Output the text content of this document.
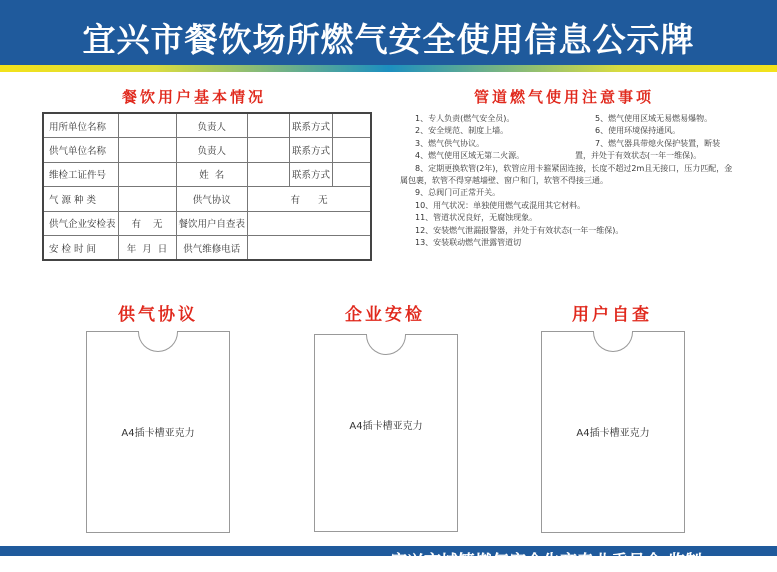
宜兴市餐饮场所燃气安全使用信息公示牌
餐饮用户基本情况
用所单位名称		负责人		联系方式	
供气单位名称		负责人		联系方式	
维检工证件号		姓  名		联系方式	
气 源 种 类		供气协议	有      无		
供气企业安检表	有    无	餐饮用户自查表			
安 检 时 间	年  月  日	供气维修电话			
管道燃气使用注意事项
1、专人负责(燃气安全员)。	5、燃气使用区域无易燃易爆物。
2、安全规范、制度上墙。	6、使用环境保持通风。
3、燃气供气协议。	7、燃气器具带熄火保护装置，断装
4、燃气使用区域无第二火源。	置，并处于有效状态(一年一维保)。
8、定期更换软管(2年)，软管应用卡箍紧固连接，长度不超过2m且无接口，压力匹配，金
属包裹，软管不得穿越墙壁、窗户和门，软管不得接三通。
9、总阀门可正常开关。
10、用气状况：单独使用燃气或混用其它材料。
11、管道状况良好，无腐蚀现象。
12、安装燃气泄漏报警器，并处于有效状态(一年一维保)。
13、安装联动燃气泄露管道切
供气协议	企业安检	用户自查
A4插卡槽亚克力
A4插卡槽亚克力
A4插卡槽亚克力
宜兴市城镇燃气安全生产专业委员会 监制
